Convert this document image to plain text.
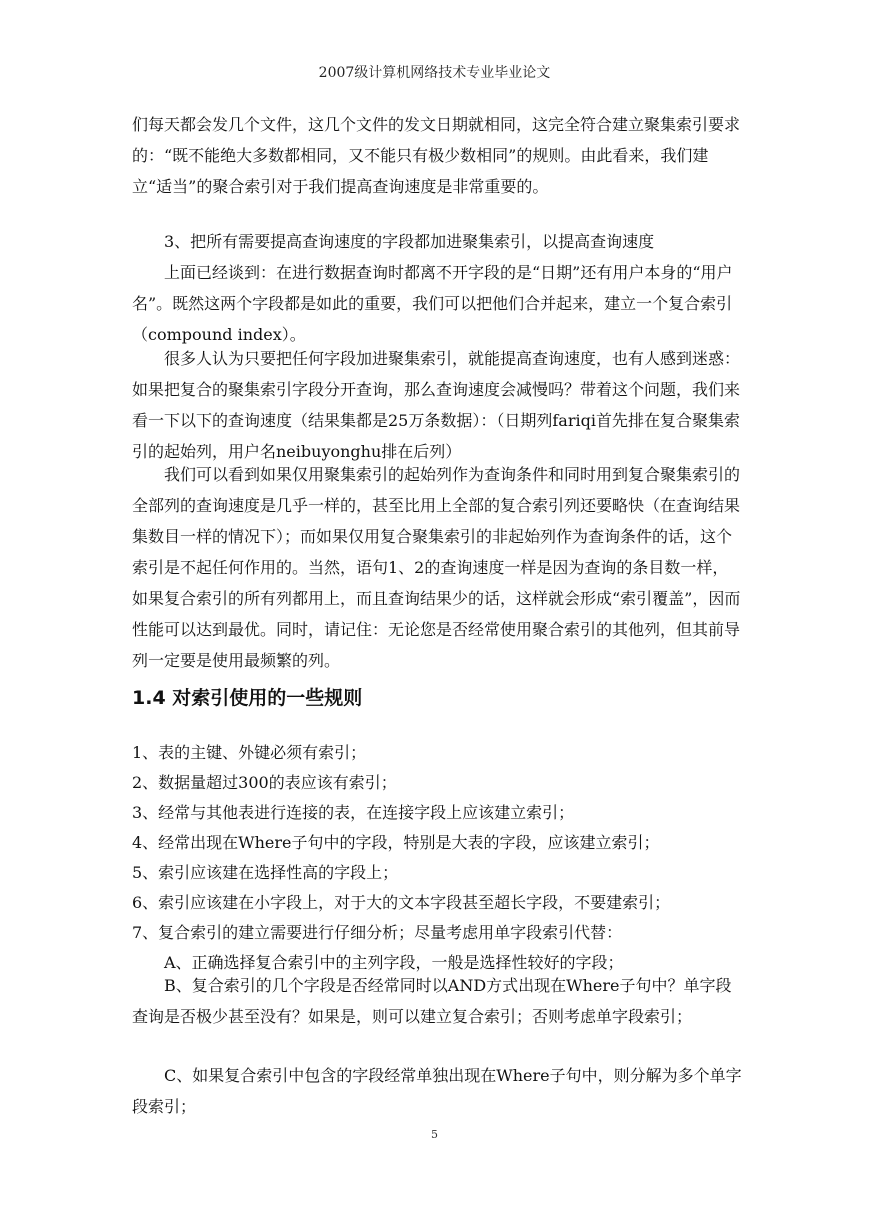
2007级计算机网络技术专业毕业论文

们每天都会发几个文件，这几个文件的发文日期就相同，这完全符合建立聚集索引要求的：“既不能绝大多数都相同，又不能只有极少数相同”的规则。由此看来，我们建立“适当”的聚合索引对于我们提高查询速度是非常重要的。

3、把所有需要提高查询速度的字段都加进聚集索引，以提高查询速度

上面已经谈到：在进行数据查询时都离不开字段的是“日期”还有用户本身的“用户名”。既然这两个字段都是如此的重要，我们可以把他们合并起来，建立一个复合索引（compound index）。

很多人认为只要把任何字段加进聚集索引，就能提高查询速度，也有人感到迷惑：如果把复合的聚集索引字段分开查询，那么查询速度会减慢吗？带着这个问题，我们来看一下以下的查询速度（结果集都是25万条数据）：（日期列fariqi首先排在复合聚集索引的起始列，用户名neibuyonghu排在后列）

我们可以看到如果仅用聚集索引的起始列作为查询条件和同时用到复合聚集索引的全部列的查询速度是几乎一样的，甚至比用上全部的复合索引列还要略快（在查询结果集数目一样的情况下）；而如果仅用复合聚集索引的非起始列作为查询条件的话，这个索引是不起任何作用的。当然，语句1、2的查询速度一样是因为查询的条目数一样，如果复合索引的所有列都用上，而且查询结果少的话，这样就会形成“索引覆盖”，因而性能可以达到最优。同时，请记住：无论您是否经常使用聚合索引的其他列，但其前导列一定要是使用最频繁的列。

1.4 对索引使用的一些规则
1、表的主键、外键必须有索引；
2、数据量超过300的表应该有索引；
3、经常与其他表进行连接的表，在连接字段上应该建立索引；
4、经常出现在Where子句中的字段，特别是大表的字段，应该建立索引；
5、索引应该建在选择性高的字段上；
6、索引应该建在小字段上，对于大的文本字段甚至超长字段，不要建索引；
7、复合索引的建立需要进行仔细分析；尽量考虑用单字段索引代替：
A、正确选择复合索引中的主列字段，一般是选择性较好的字段；

B、复合索引的几个字段是否经常同时以AND方式出现在Where子句中？单字段查询是否极少甚至没有？如果是，则可以建立复合索引；否则考虑单字段索引；

C、如果复合索引中包含的字段经常单独出现在Where子句中，则分解为多个单字段索引；

5
